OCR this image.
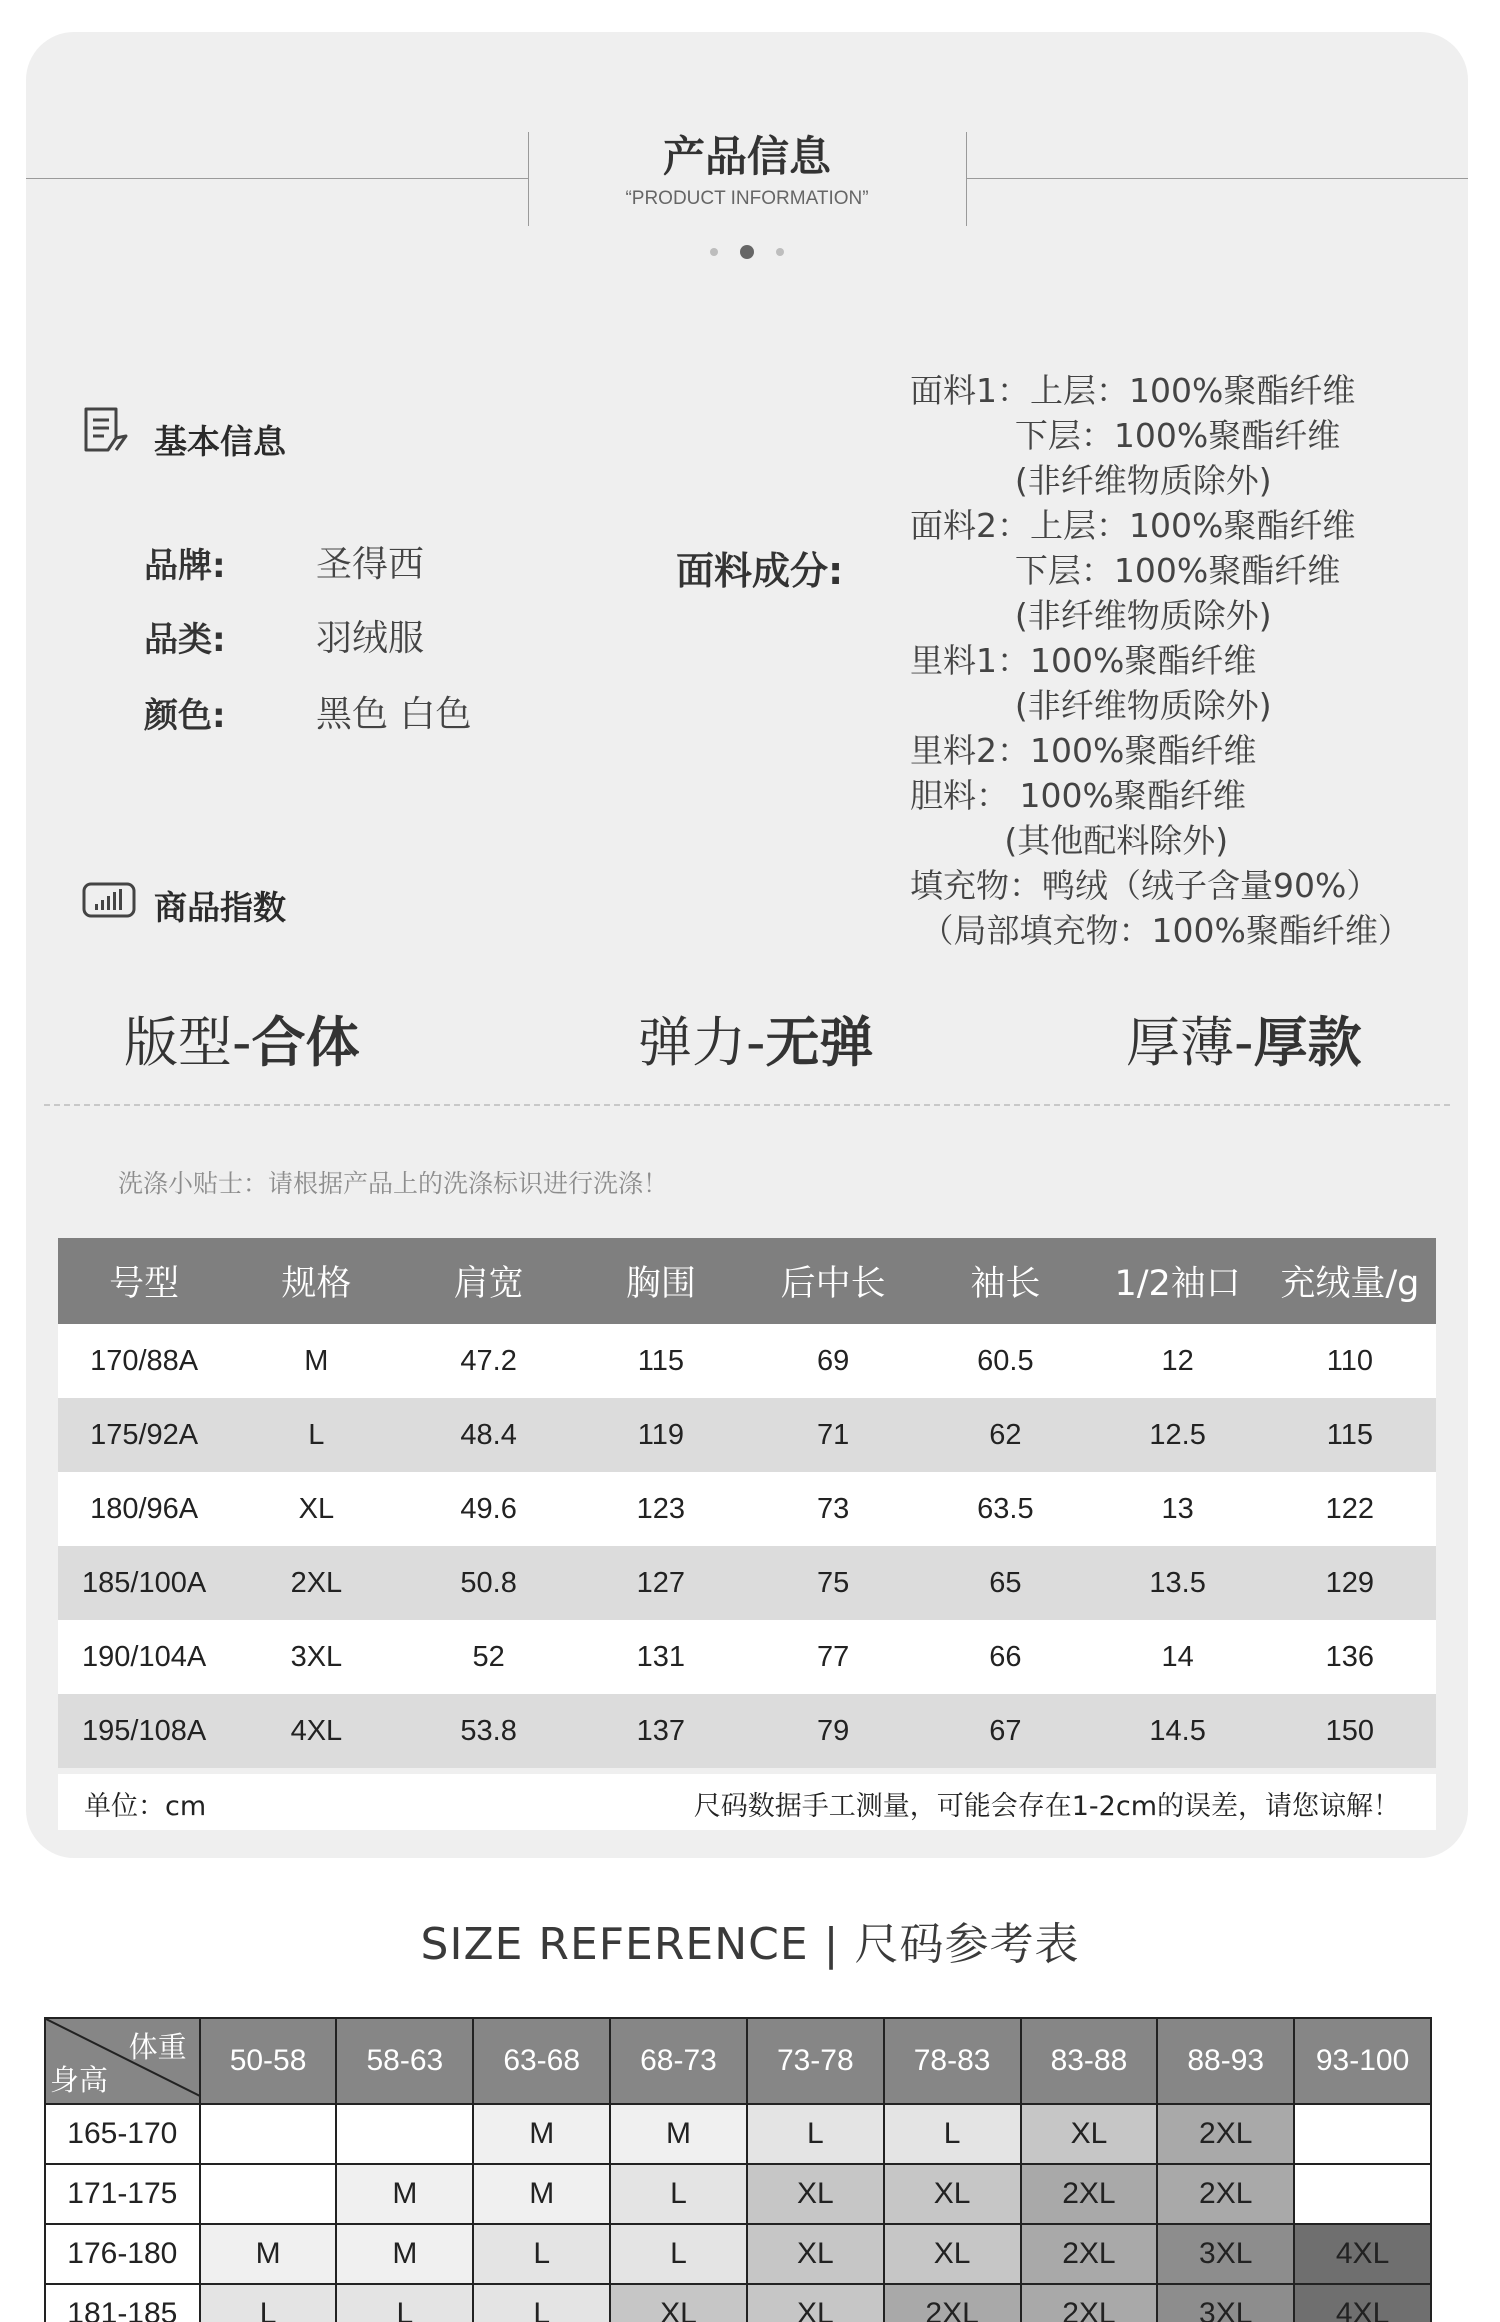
产品信息
“PRODUCT INFORMATION”
基本信息
品牌:	圣得西
品类:	羽绒服
颜色:	黑色 白色
面料成分:
面料1：上层：100%聚酯纤维
下层：100%聚酯纤维
(非纤维物质除外)
面料2：上层：100%聚酯纤维
下层：100%聚酯纤维
(非纤维物质除外)
里料1：100%聚酯纤维
(非纤维物质除外)
里料2：100%聚酯纤维
胆料： 100%聚酯纤维
(其他配料除外)
填充物：鸭绒（绒子含量90%）
（局部填充物：100%聚酯纤维）
商品指数
版型-合体	弹力-无弹	厚薄-厚款
洗涤小贴士：请根据产品上的洗涤标识进行洗涤！
号型	规格	肩宽	胸围	后中长	袖长	1/2袖口	充绒量/g
170/88A	M	47.2	115	69	60.5	12	110
175/92A	L	48.4	119	71	62	12.5	115
180/96A	XL	49.6	123	73	63.5	13	122
185/100A	2XL	50.8	127	75	65	13.5	129
190/104A	3XL	52	131	77	66	14	136
195/108A	4XL	53.8	137	79	67	14.5	150
单位：cm	尺码数据手工测量，可能会存在1-2cm的误差，请您谅解！
SIZE REFERENCE | 尺码参考表
体重
身高	50-58	58-63	63-68	68-73	73-78	78-83	83-88	88-93	93-100
165-170			M	M	L	L	XL	2XL	
171-175		M	M	L	XL	XL	2XL	2XL	
176-180	M	M	L	L	XL	XL	2XL	3XL	4XL
181-185	L	L	L	XL	XL	2XL	2XL	3XL	4XL
